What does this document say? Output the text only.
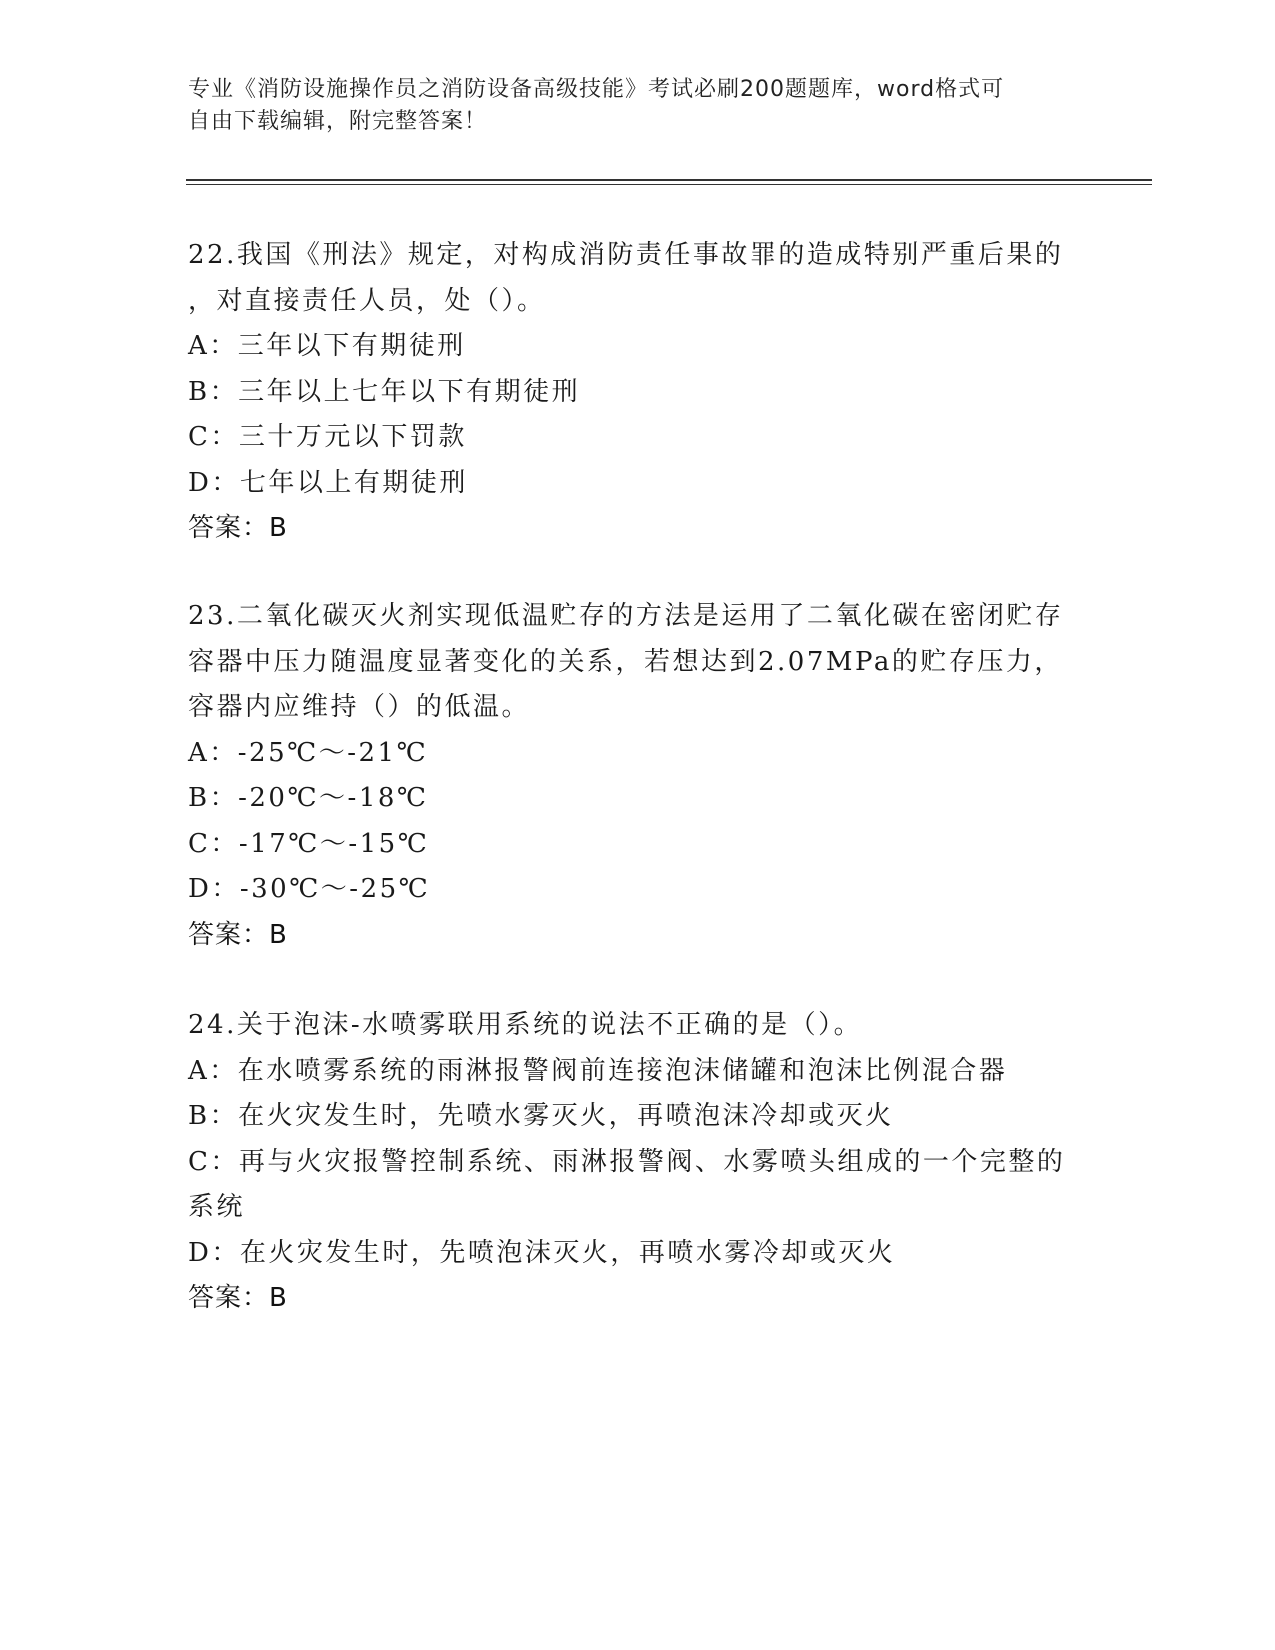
专业《消防设施操作员之消防设备高级技能》考试必刷200题题库，word格式可
自由下载编辑，附完整答案！
22.我国《刑法》规定，对构成消防责任事故罪的造成特别严重后果的
，对直接责任人员，处（）。
A：三年以下有期徒刑
B：三年以上七年以下有期徒刑
C：三十万元以下罚款
D：七年以上有期徒刑
答案：B
23.二氧化碳灭火剂实现低温贮存的方法是运用了二氧化碳在密闭贮存
容器中压力随温度显著变化的关系，若想达到2.07MPa的贮存压力，
容器内应维持（）的低温。
A：-25℃～-21℃
B：-20℃～-18℃
C：-17℃～-15℃
D：-30℃～-25℃
答案：B
24.关于泡沫-水喷雾联用系统的说法不正确的是（）。
A：在水喷雾系统的雨淋报警阀前连接泡沫储罐和泡沫比例混合器
B：在火灾发生时，先喷水雾灭火，再喷泡沫冷却或灭火
C：再与火灾报警控制系统、雨淋报警阀、水雾喷头组成的一个完整的
系统
D：在火灾发生时，先喷泡沫灭火，再喷水雾冷却或灭火
答案：B
